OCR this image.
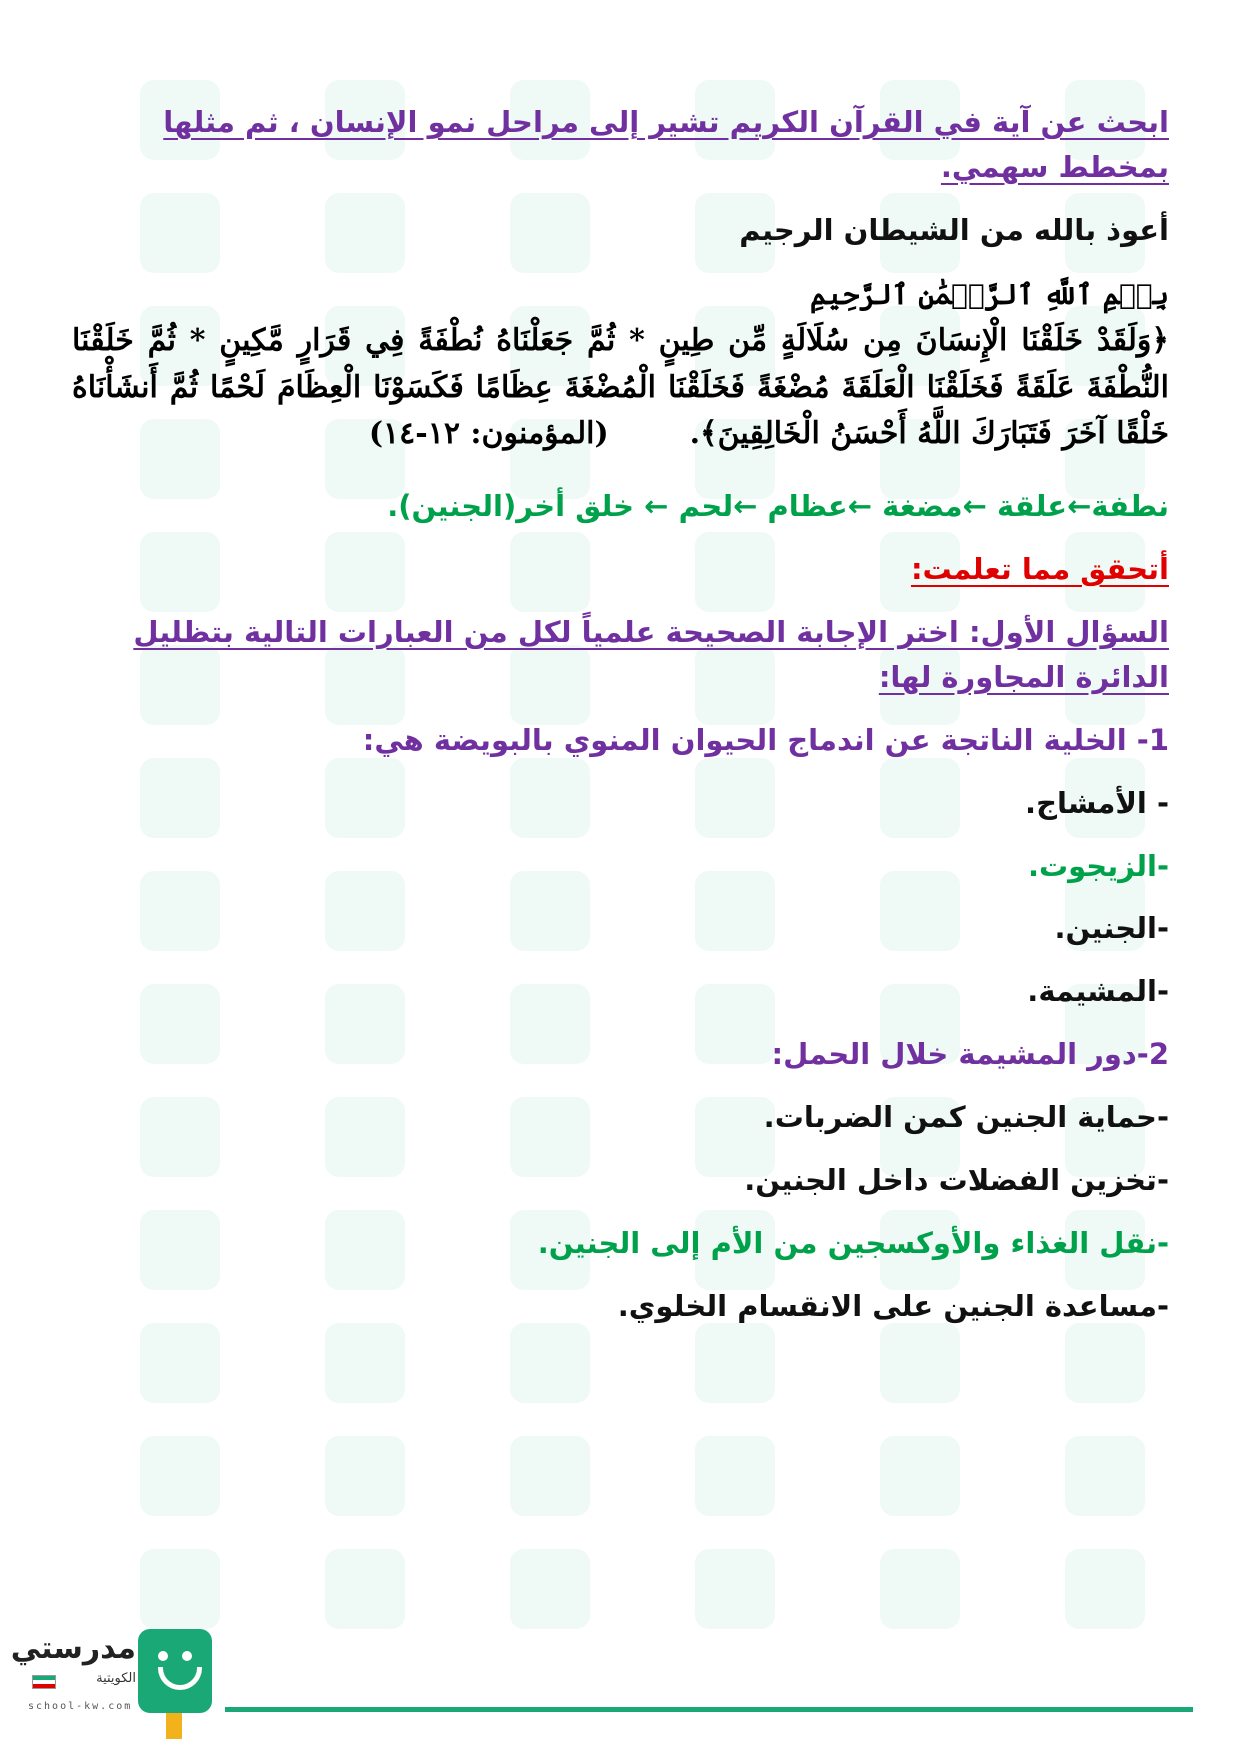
ابحث عن آية في القرآن الكريم تشير إلى مراحل نمو الإنسان ، ثم مثلها بمخطط سهمي.

أعوذ بالله من الشيطان الرجيم

بِسۡمِ ٱللَّهِ ٱلرَّحۡمَٰنِ ٱلرَّحِيمِ

﴿وَلَقَدْ خَلَقْنَا الْإِنسَانَ مِن سُلَالَةٍ مِّن طِينٍ * ثُمَّ جَعَلْنَاهُ نُطْفَةً فِي قَرَارٍ مَّكِينٍ * ثُمَّ خَلَقْنَا النُّطْفَةَ عَلَقَةً فَخَلَقْنَا الْعَلَقَةَ مُضْغَةً فَخَلَقْنَا الْمُضْغَةَ عِظَامًا فَكَسَوْنَا الْعِظَامَ لَحْمًا ثُمَّ أَنشَأْنَاهُ خَلْقًا آخَرَ فَتَبَارَكَ اللَّهُ أَحْسَنُ الْخَالِقِينَ﴾.  (المؤمنون: ١٢-١٤)

نطفة←علقة ←مضغة ←عظام ←لحم ← خلق أخر(الجنين).

أتحقق مما تعلمت:

السؤال الأول: اختر الإجابة الصحيحة علمياً لكل من العبارات التالية بتظليل الدائرة المجاورة لها:

1- الخلية الناتجة عن اندماج الحيوان المنوي بالبويضة هي:

- الأمشاج.

-الزيجوت.

-الجنين.

-المشيمة.

2-دور المشيمة خلال الحمل:

-حماية الجنين كمن الضربات.

-تخزين الفضلات داخل الجنين.

-نقل الغذاء والأوكسجين من الأم إلى الجنين.

-مساعدة الجنين على الانقسام الخلوي.

مدرستي
الكويتية
school-kw.com
